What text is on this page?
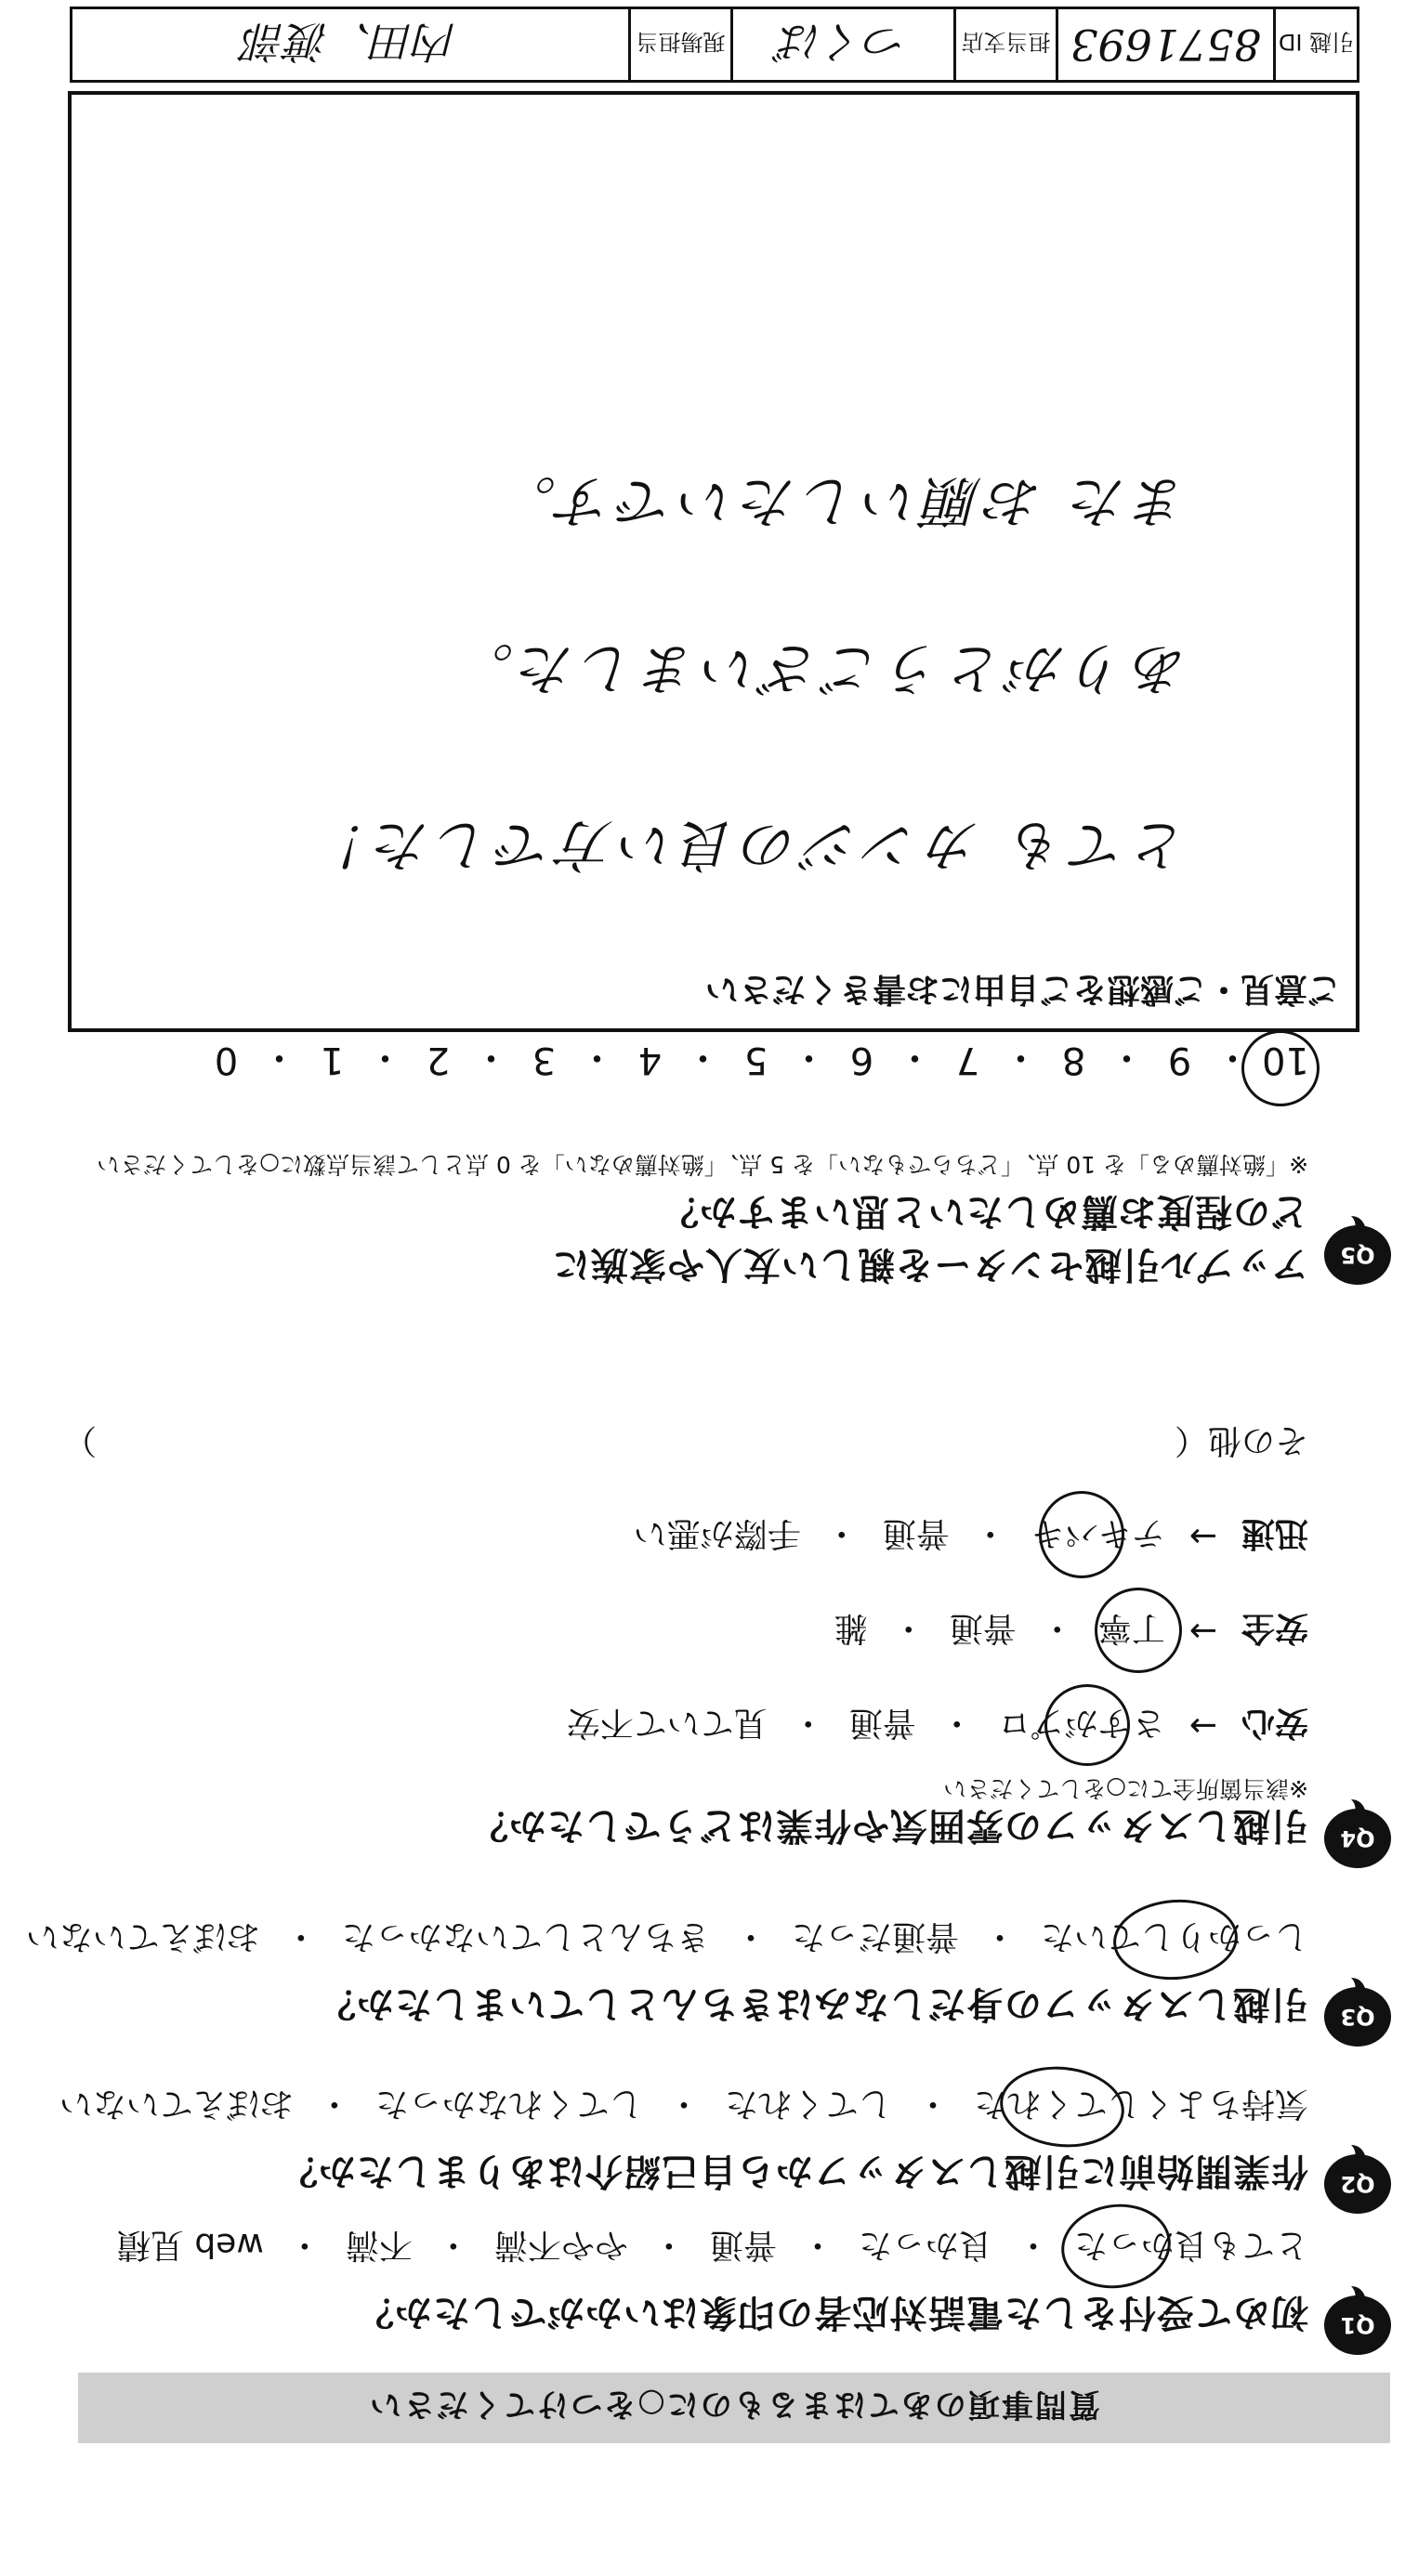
質問事項のあてはまるものに○をつけてください
Q1
初めて受付をした電話対応者の印象はいかがでしたか？
とても良かった
・
良かった
・
普通
・
やや不満
・
不満
・
web 見積
Q2
作業開始前に引越しスタッフから自己紹介はありましたか？
気持ちよくしてくれた
・
してくれた
・
してくれなかった
・
おぼえていない
Q3
引越しスタッフの身だしなみはきちんとしていましたか？
しっかりしていた
・
普通だった
・
きちんとしていなかった
・
おぼえていない
Q4
引越しスタッフの雰囲気や作業はどうでしたか？
※該当箇所全てに○をしてください
安心
→
さすがプロ
・
普通
・
見ていて不安
安全
→
丁寧
・
普通
・
雑
迅速
→
テキパキ
・
普通
・
手際が悪い
その他（
）
Q5
アップル引越センターを親しい友人や家族に
どの程度お薦めしたいと思いますか？
※「絶対薦める」を 10 点、「どちらでもない」を 5 点、「絶対薦めない」を 0 点として該当点数に○をしてください
10
・
9
・
8
・
7
・
6
・
5
・
4
・
3
・
2
・
1
・
0
ご意見・ご感想をご自由にお書きください
とても カンジの良い方でした！
ありがとうございました。
また お願いしたいです。
引越 ID
8571693
担当支店
つくば
現場担当
内田、渡部
